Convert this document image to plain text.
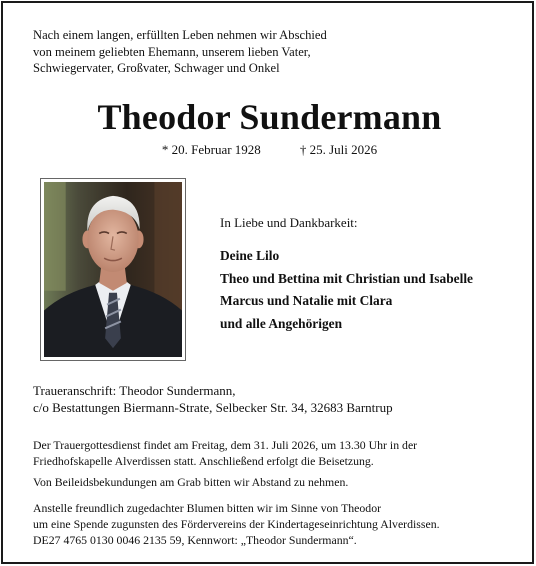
Nach einem langen, erfüllten Leben nehmen wir Abschied
von meinem geliebten Ehemann, unserem lieben Vater,
Schwiegervater, Großvater, Schwager und Onkel
Theodor Sundermann
* 20. Februar 1928	† 25. Juli 2026
In Liebe und Dankbarkeit:
Deine Lilo
Theo und Bettina mit Christian und Isabelle
Marcus und Natalie mit Clara
und alle Angehörigen
Traueranschrift: Theodor Sundermann,
c/o Bestattungen Biermann-Strate, Selbecker Str. 34, 32683 Barntrup
Der Trauergottesdienst findet am Freitag, dem 31. Juli 2026, um 13.30 Uhr in der
Friedhofskapelle Alverdissen statt. Anschließend erfolgt die Beisetzung.
Von Beileidsbekundungen am Grab bitten wir Abstand zu nehmen.
Anstelle freundlich zugedachter Blumen bitten wir im Sinne von Theodor
um eine Spende zugunsten des Fördervereins der Kindertageseinrichtung Alverdissen.
DE27 4765 0130 0046 2135 59, Kennwort: „Theodor Sundermann“.
